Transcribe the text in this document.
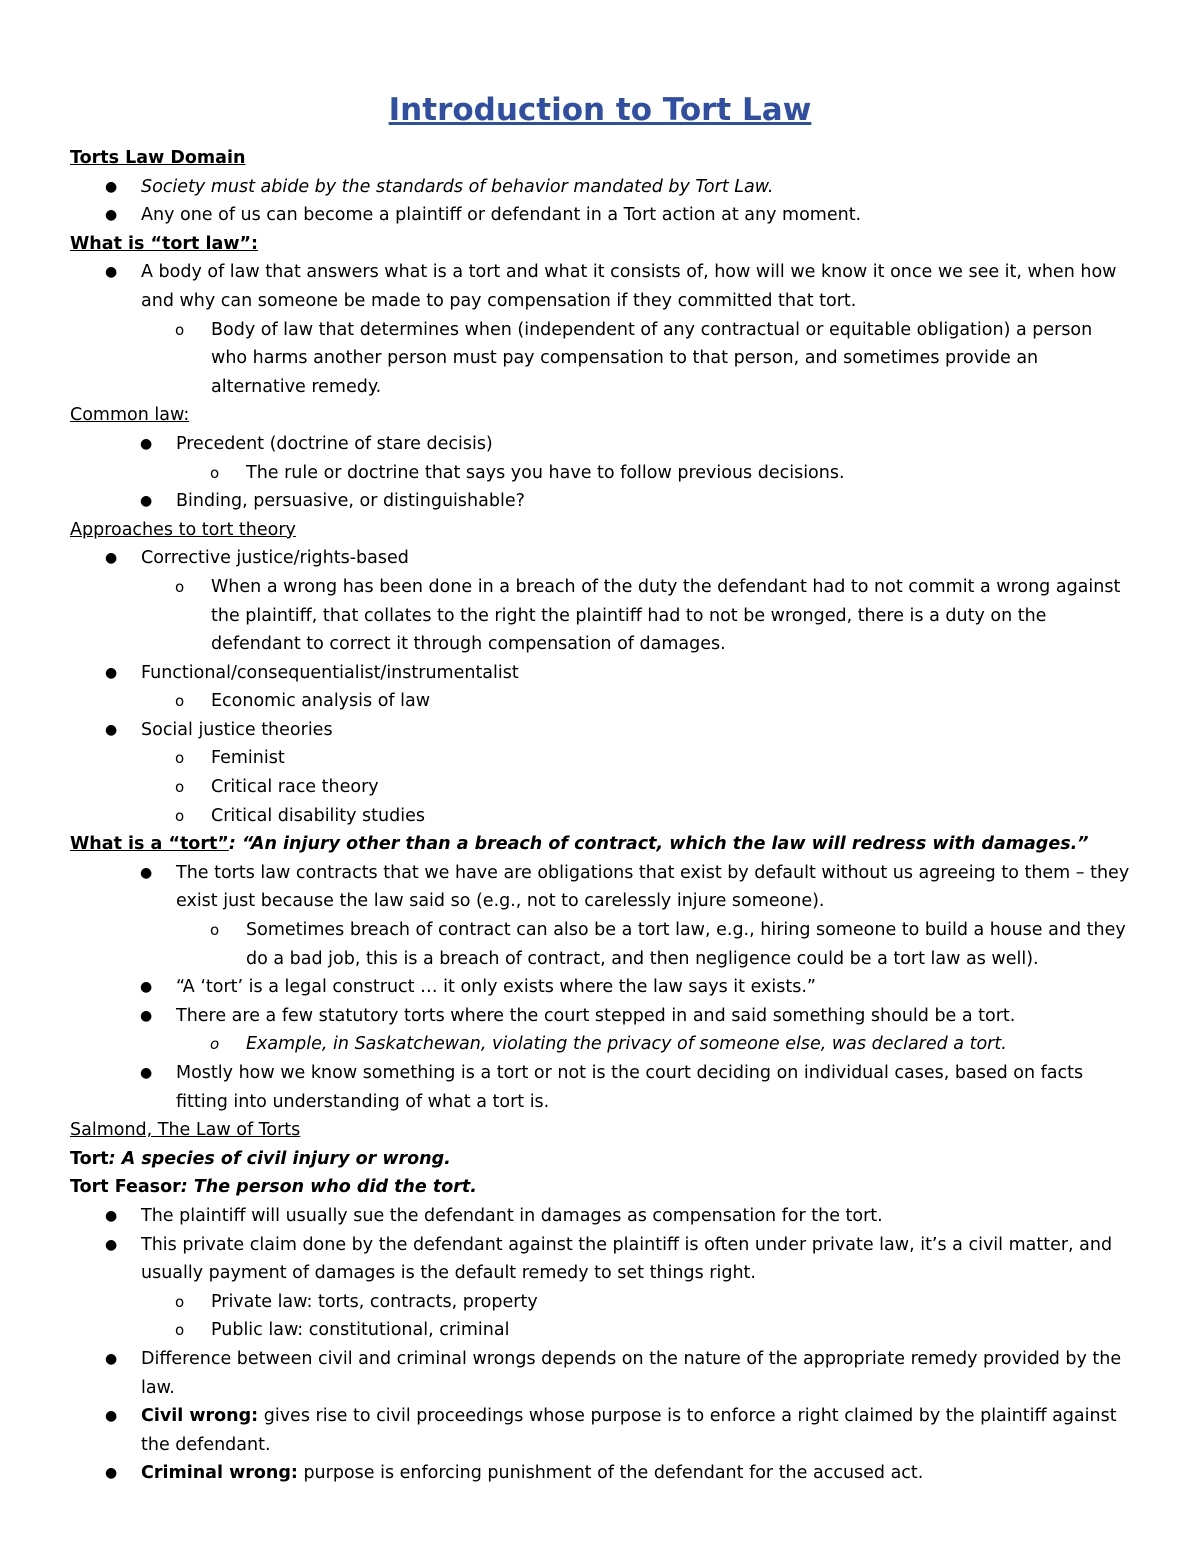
Introduction to Tort Law
Torts Law Domain
● Society must abide by the standards of behavior mandated by Tort Law.
● Any one of us can become a plaintiff or defendant in a Tort action at any moment.
What is “tort law”:
● A body of law that answers what is a tort and what it consists of, how will we know it once we see it, when how and why can someone be made to pay compensation if they committed that tort.
o Body of law that determines when (independent of any contractual or equitable obligation) a person who harms another person must pay compensation to that person, and sometimes provide an alternative remedy.
Common law:
● Precedent (doctrine of stare decisis)
o The rule or doctrine that says you have to follow previous decisions.
● Binding, persuasive, or distinguishable?
Approaches to tort theory
● Corrective justice/rights-based
o When a wrong has been done in a breach of the duty the defendant had to not commit a wrong against the plaintiff, that collates to the right the plaintiff had to not be wronged, there is a duty on the defendant to correct it through compensation of damages.
● Functional/consequentialist/instrumentalist
o Economic analysis of law
● Social justice theories
o Feminist
o Critical race theory
o Critical disability studies
What is a “tort”: “An injury other than a breach of contract, which the law will redress with damages.”
● The torts law contracts that we have are obligations that exist by default without us agreeing to them – they exist just because the law said so (e.g., not to carelessly injure someone).
o Sometimes breach of contract can also be a tort law, e.g., hiring someone to build a house and they do a bad job, this is a breach of contract, and then negligence could be a tort law as well).
● “A ‘tort’ is a legal construct … it only exists where the law says it exists.”
● There are a few statutory torts where the court stepped in and said something should be a tort.
o Example, in Saskatchewan, violating the privacy of someone else, was declared a tort.
● Mostly how we know something is a tort or not is the court deciding on individual cases, based on facts fitting into understanding of what a tort is.
Salmond, The Law of Torts
Tort: A species of civil injury or wrong.
Tort Feasor: The person who did the tort.
● The plaintiff will usually sue the defendant in damages as compensation for the tort.
● This private claim done by the defendant against the plaintiff is often under private law, it’s a civil matter, and usually payment of damages is the default remedy to set things right.
o Private law: torts, contracts, property
o Public law: constitutional, criminal
● Difference between civil and criminal wrongs depends on the nature of the appropriate remedy provided by the law.
● Civil wrong: gives rise to civil proceedings whose purpose is to enforce a right claimed by the plaintiff against the defendant.
● Criminal wrong: purpose is enforcing punishment of the defendant for the accused act.
